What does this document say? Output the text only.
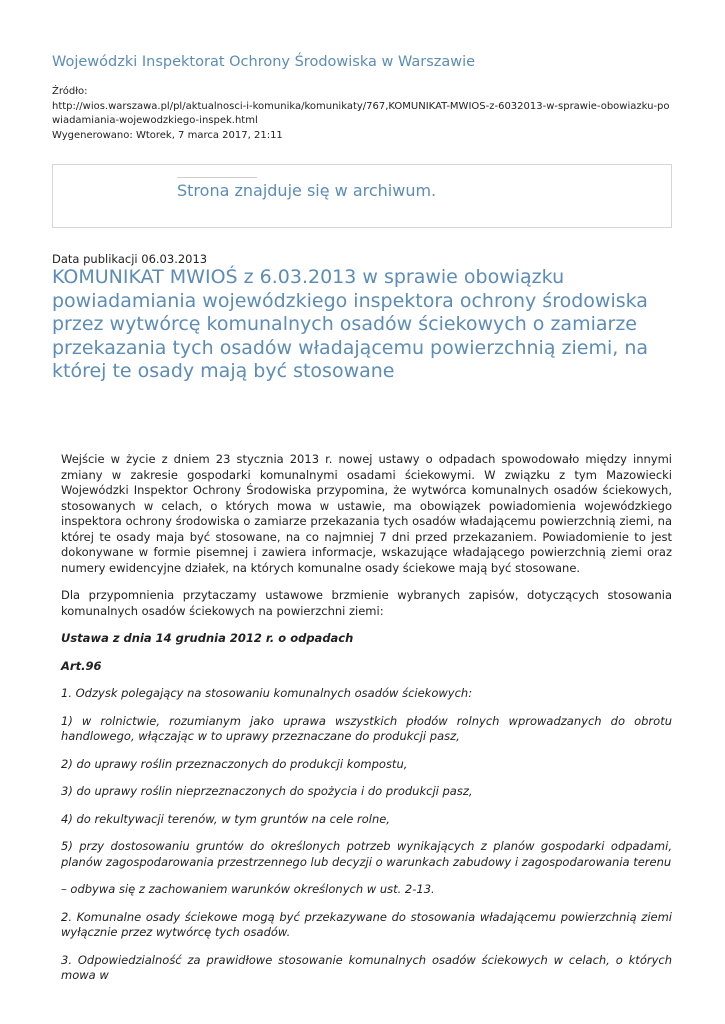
Wojewódzki Inspektorat Ochrony Środowiska w Warszawie
Źródło:
http://wios.warszawa.pl/pl/aktualnosci-i-komunika/komunikaty/767,KOMUNIKAT-MWIOS-z-6032013-w-sprawie-obowiazku-powiadamiania-wojewodzkiego-inspek.html
Wygenerowano: Wtorek, 7 marca 2017, 21:11
Strona znajduje się w archiwum.
Data publikacji 06.03.2013
KOMUNIKAT MWIOŚ z 6.03.2013 w sprawie obowiązku powiadamiania wojewódzkiego inspektora ochrony środowiska przez wytwórcę komunalnych osadów ściekowych o zamiarze przekazania tych osadów władającemu powierzchnią ziemi, na której te osady mają być stosowane

Wejście w życie z dniem 23 stycznia 2013 r. nowej ustawy o odpadach spowodowało między innymi zmiany w zakresie gospodarki komunalnymi osadami ściekowymi. W związku z tym Mazowiecki Wojewódzki Inspektor Ochrony Środowiska przypomina, że wytwórca komunalnych osadów ściekowych, stosowanych w celach, o których mowa w ustawie, ma obowiązek powiadomienia wojewódzkiego inspektora ochrony środowiska o zamiarze przekazania tych osadów władającemu powierzchnią ziemi, na której te osady maja być stosowane, na co najmniej 7 dni przed przekazaniem. Powiadomienie to jest dokonywane w formie pisemnej i zawiera informacje, wskazujące władającego powierzchnią ziemi oraz numery ewidencyjne działek, na których komunalne osady ściekowe mają być stosowane.

Dla przypomnienia przytaczamy ustawowe brzmienie wybranych zapisów, dotyczących stosowania komunalnych osadów ściekowych na powierzchni ziemi:

Ustawa z dnia 14 grudnia 2012 r. o odpadach

Art.96

1. Odzysk polegający na stosowaniu komunalnych osadów ściekowych:

1) w rolnictwie, rozumianym jako uprawa wszystkich płodów rolnych wprowadzanych do obrotu handlowego, włączając w to uprawy przeznaczane do produkcji pasz,

2) do uprawy roślin przeznaczonych do produkcji kompostu,

3) do uprawy roślin nieprzeznaczonych do spożycia i do produkcji pasz,

4) do rekultywacji terenów, w tym gruntów na cele rolne,

5) przy dostosowaniu gruntów do określonych potrzeb wynikających z planów gospodarki odpadami, planów zagospodarowania przestrzennego lub decyzji o warunkach zabudowy i zagospodarowania terenu

– odbywa się z zachowaniem warunków określonych w ust. 2-13.

2. Komunalne osady ściekowe mogą być przekazywane do stosowania władającemu powierzchnią ziemi wyłącznie przez wytwórcę tych osadów.

3. Odpowiedzialność za prawidłowe stosowanie komunalnych osadów ściekowych w celach, o których mowa w
